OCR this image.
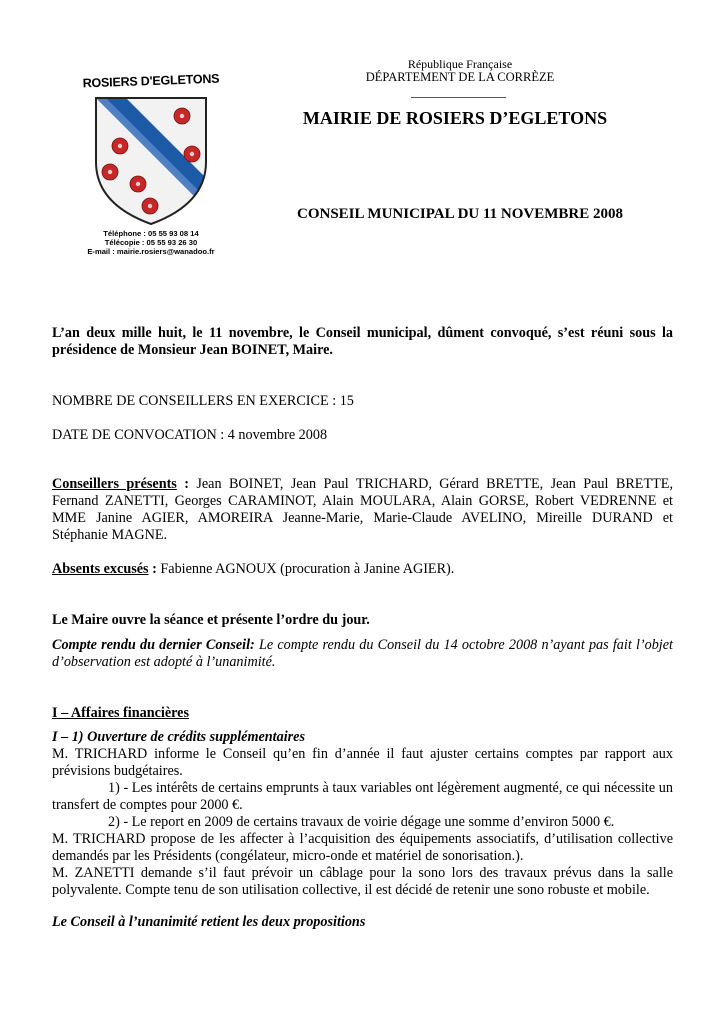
ROSIERS D'EGLETONS
Téléphone : 05 55 93 08 14
Télécopie : 05 55 93 26 30
E-mail : mairie.rosiers@wanadoo.fr
République Française
DÉPARTEMENT DE LA CORRÈZE
MAIRIE DE ROSIERS D’EGLETONS
CONSEIL MUNICIPAL DU 11 NOVEMBRE 2008

L’an deux mille huit, le 11 novembre, le Conseil municipal, dûment convoqué, s’est réuni sous la présidence de Monsieur Jean BOINET, Maire.

NOMBRE DE CONSEILLERS EN EXERCICE : 15

DATE DE CONVOCATION : 4 novembre 2008

Conseillers présents : Jean BOINET, Jean Paul TRICHARD, Gérard BRETTE, Jean Paul BRETTE, Fernand ZANETTI, Georges CARAMINOT, Alain MOULARA, Alain GORSE, Robert VEDRENNE et MME Janine AGIER, AMOREIRA Jeanne-Marie, Marie-Claude AVELINO, Mireille DURAND et Stéphanie MAGNE.

Absents excusés : Fabienne AGNOUX (procuration à Janine AGIER).

Le Maire ouvre la séance et présente l’ordre du jour.

Compte rendu du dernier Conseil: Le compte rendu du Conseil du 14 octobre 2008 n’ayant pas fait l’objet d’observation est adopté à l’unanimité.

I – Affaires financières

I – 1) Ouverture de crédits supplémentaires

M. TRICHARD informe le Conseil qu’en fin d’année il faut ajuster certains comptes par rapport aux prévisions budgétaires.

1) - Les intérêts de certains emprunts à taux variables ont légèrement augmenté, ce qui nécessite un transfert de comptes pour 2000 €.

2) - Le report en 2009 de certains travaux de voirie dégage une somme d’environ 5000 €.

M. TRICHARD propose de les affecter à l’acquisition des équipements associatifs, d’utilisation collective demandés par les Présidents (congélateur, micro-onde et matériel de sonorisation.).

M. ZANETTI demande s’il faut prévoir un câblage pour la sono lors des travaux prévus dans la salle polyvalente. Compte tenu de son utilisation collective, il est décidé de retenir une sono robuste et mobile.

Le Conseil à l’unanimité retient les deux propositions
